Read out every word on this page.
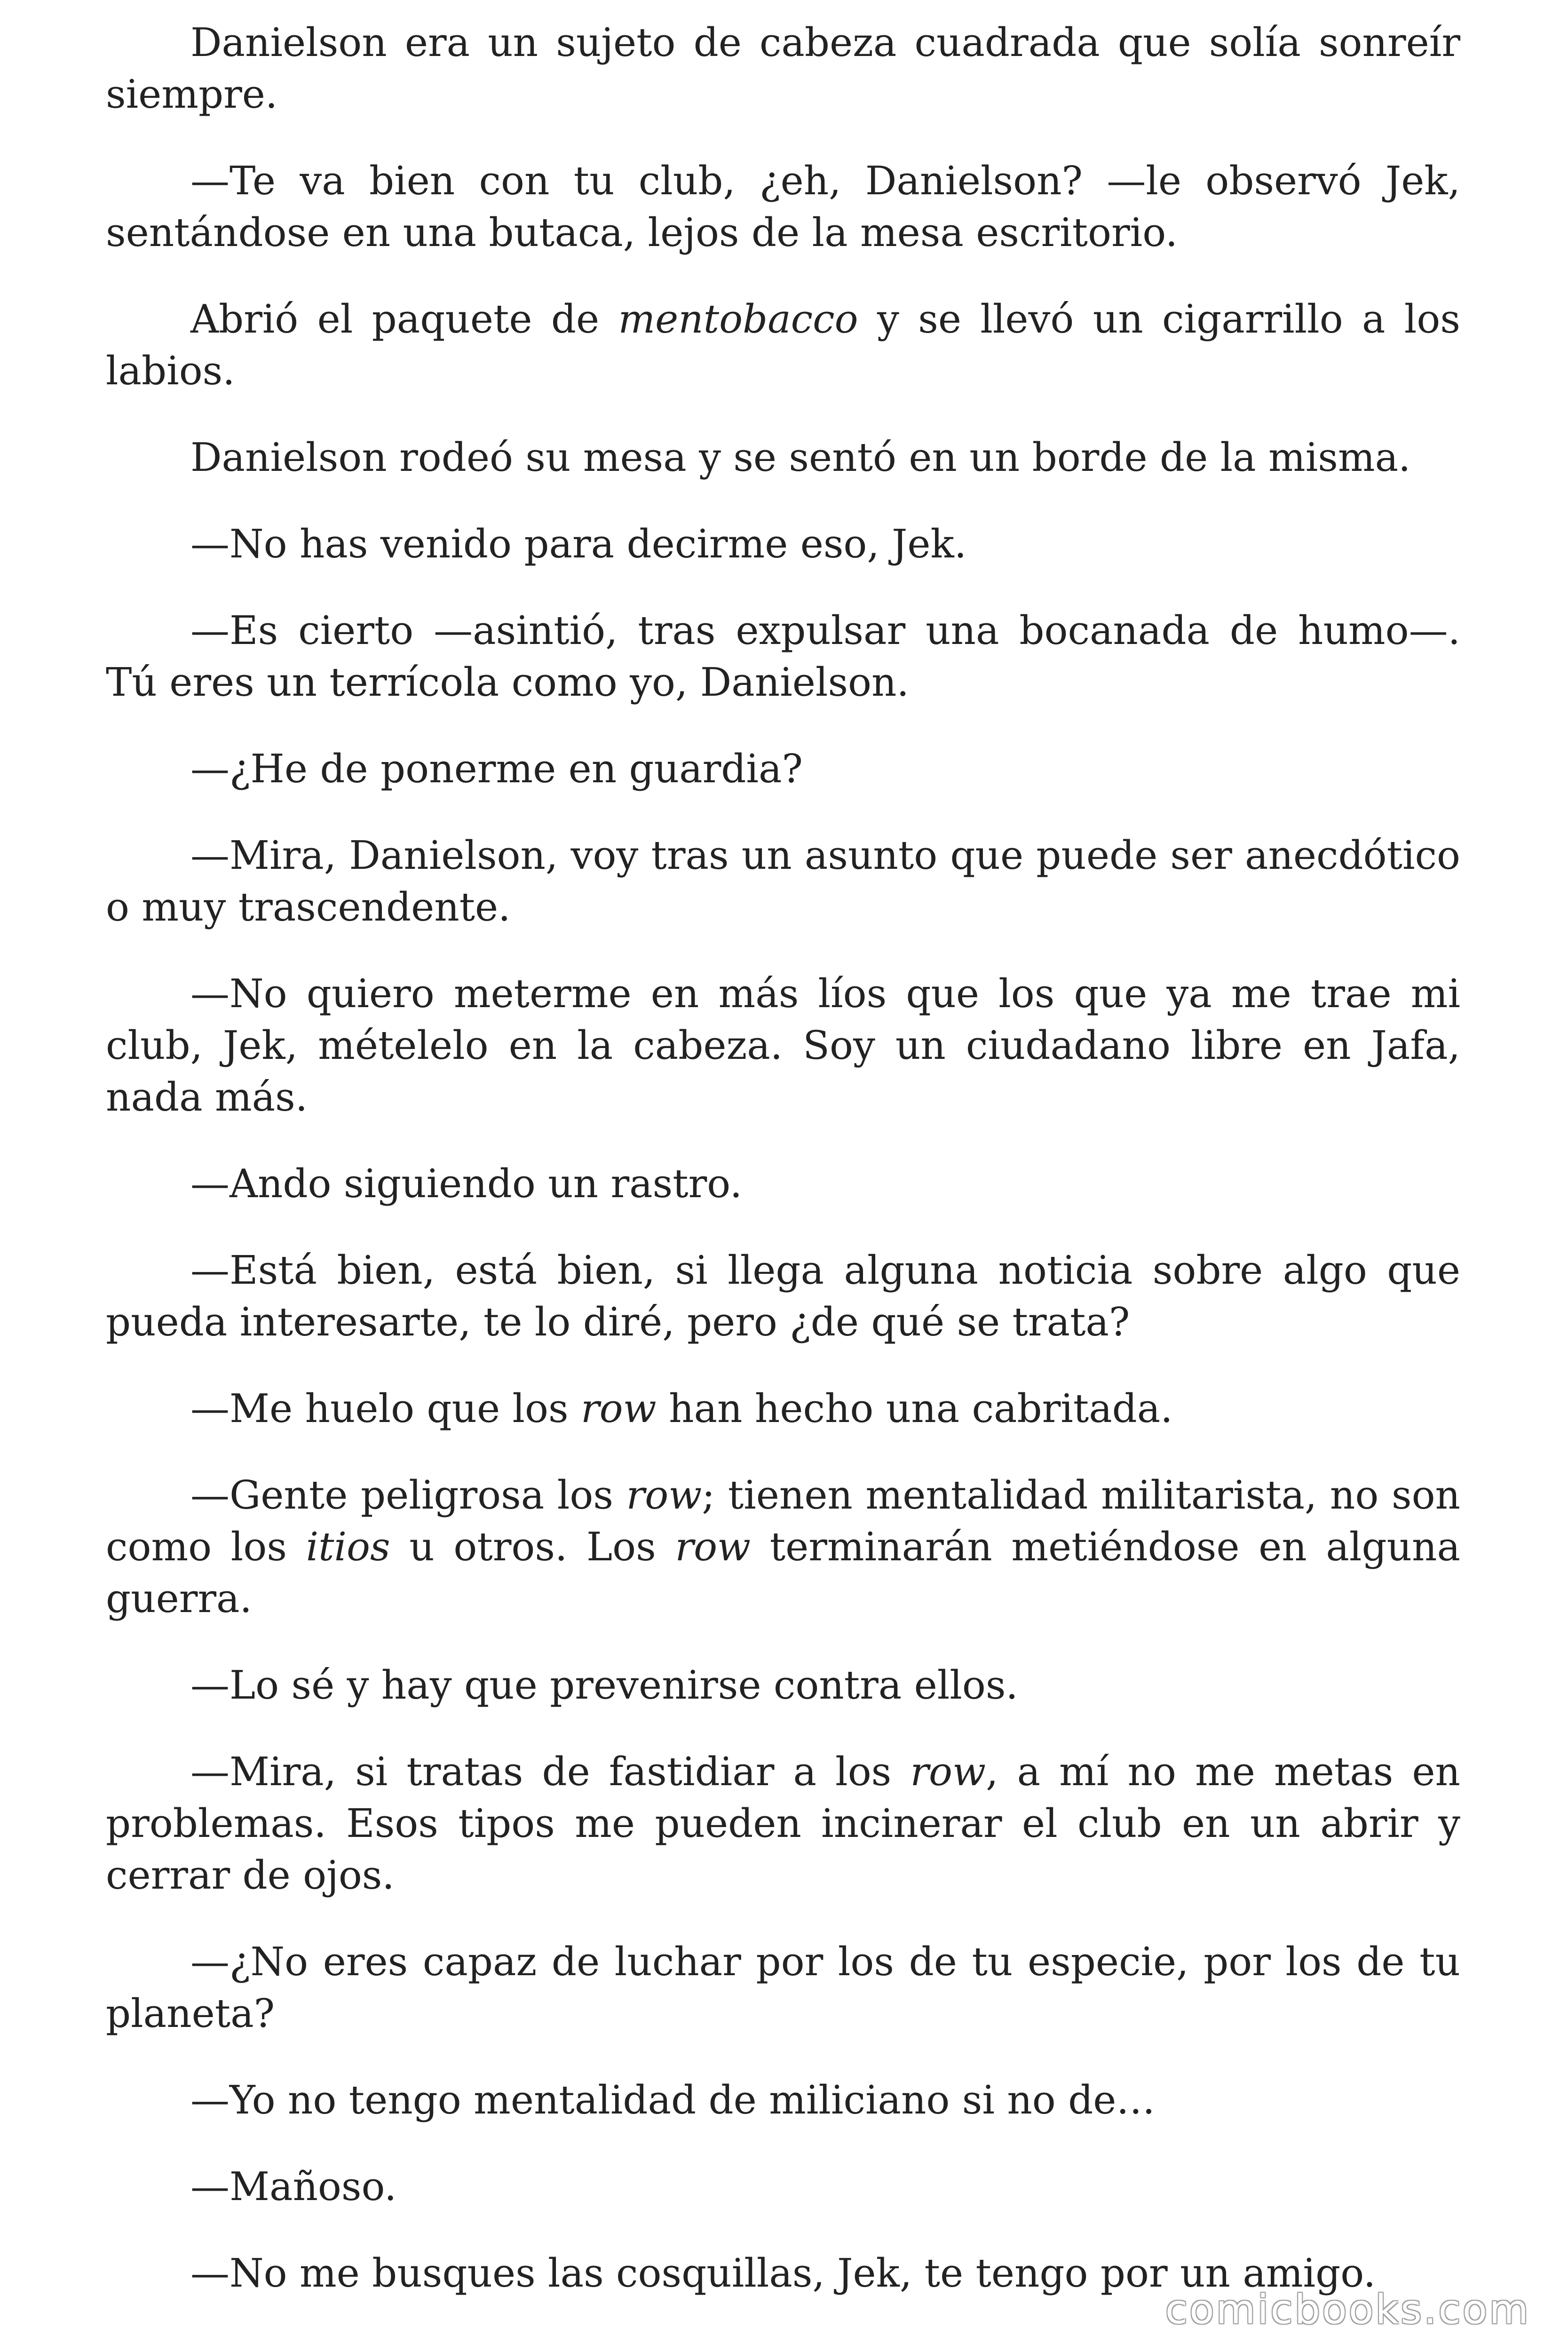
Danielson era un sujeto de cabeza cuadrada que solía sonreír siempre.

—Te va bien con tu club, ¿eh, Danielson? —le observó Jek, sentándose en una butaca, lejos de la mesa escritorio.

Abrió el paquete de mentobacco y se llevó un cigarrillo a los labios.

Danielson rodeó su mesa y se sentó en un borde de la misma.

—No has venido para decirme eso, Jek.

—Es cierto —asintió, tras expulsar una bocanada de humo—. Tú eres un terrícola como yo, Danielson.

—¿He de ponerme en guardia?

—Mira, Danielson, voy tras un asunto que puede ser anecdótico o muy trascendente.

—No quiero meterme en más líos que los que ya me trae mi club, Jek, mételelo en la cabeza. Soy un ciudadano libre en Jafa, nada más.

—Ando siguiendo un rastro.

—Está bien, está bien, si llega alguna noticia sobre algo que pueda interesarte, te lo diré, pero ¿de qué se trata?

—Me huelo que los row han hecho una cabritada.

—Gente peligrosa los row; tienen mentalidad militarista, no son como los itios u otros. Los row terminarán metiéndose en alguna guerra.

—Lo sé y hay que prevenirse contra ellos.

—Mira, si tratas de fastidiar a los row, a mí no me metas en problemas. Esos tipos me pueden incinerar el club en un abrir y cerrar de ojos.

—¿No eres capaz de luchar por los de tu especie, por los de tu planeta?

—Yo no tengo mentalidad de miliciano si no de…

—Mañoso.

—No me busques las cosquillas, Jek, te tengo por un amigo.

comicbooks.com
